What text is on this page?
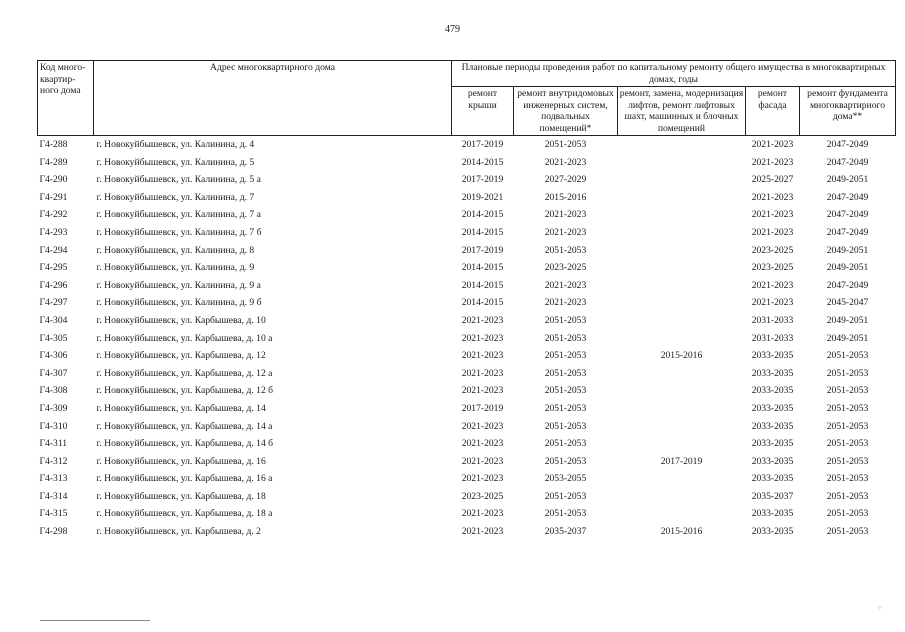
479
Код много-квартир-ного дома	Адрес многоквартирного дома	Плановые периоды проведения работ по капитальному ремонту общего имущества в многоквартирных домах, годы				
		ремонт крыши	ремонт внутридомовых инженерных систем, подвальных помещений*	ремонт, замена, модернизация лифтов, ремонт лифтовых шахт, машинных и блочных помещений	ремонт фасада	ремонт фундамента многоквартирного дома**
Г4-288	г. Новокуйбышевск, ул. Калинина, д. 4	2017-2019	2051-2053		2021-2023	2047-2049
Г4-289	г. Новокуйбышевск, ул. Калинина, д. 5	2014-2015	2021-2023		2021-2023	2047-2049
Г4-290	г. Новокуйбышевск, ул. Калинина, д. 5 а	2017-2019	2027-2029		2025-2027	2049-2051
Г4-291	г. Новокуйбышевск, ул. Калинина, д. 7	2019-2021	2015-2016		2021-2023	2047-2049
Г4-292	г. Новокуйбышевск, ул. Калинина, д. 7 а	2014-2015	2021-2023		2021-2023	2047-2049
Г4-293	г. Новокуйбышевск, ул. Калинина, д. 7 б	2014-2015	2021-2023		2021-2023	2047-2049
Г4-294	г. Новокуйбышевск, ул. Калинина, д. 8	2017-2019	2051-2053		2023-2025	2049-2051
Г4-295	г. Новокуйбышевск, ул. Калинина, д. 9	2014-2015	2023-2025		2023-2025	2049-2051
Г4-296	г. Новокуйбышевск, ул. Калинина, д. 9 а	2014-2015	2021-2023		2021-2023	2047-2049
Г4-297	г. Новокуйбышевск, ул. Калинина, д. 9 б	2014-2015	2021-2023		2021-2023	2045-2047
Г4-304	г. Новокуйбышевск, ул. Карбышева, д. 10	2021-2023	2051-2053		2031-2033	2049-2051
Г4-305	г. Новокуйбышевск, ул. Карбышева, д. 10 а	2021-2023	2051-2053		2031-2033	2049-2051
Г4-306	г. Новокуйбышевск, ул. Карбышева, д. 12	2021-2023	2051-2053	2015-2016	2033-2035	2051-2053
Г4-307	г. Новокуйбышевск, ул. Карбышева, д. 12 а	2021-2023	2051-2053		2033-2035	2051-2053
Г4-308	г. Новокуйбышевск, ул. Карбышева, д. 12 б	2021-2023	2051-2053		2033-2035	2051-2053
Г4-309	г. Новокуйбышевск, ул. Карбышева, д. 14	2017-2019	2051-2053		2033-2035	2051-2053
Г4-310	г. Новокуйбышевск, ул. Карбышева, д. 14 а	2021-2023	2051-2053		2033-2035	2051-2053
Г4-311	г. Новокуйбышевск, ул. Карбышева, д. 14 б	2021-2023	2051-2053		2033-2035	2051-2053
Г4-312	г. Новокуйбышевск, ул. Карбышева, д. 16	2021-2023	2051-2053	2017-2019	2033-2035	2051-2053
Г4-313	г. Новокуйбышевск, ул. Карбышева, д. 16 а	2021-2023	2053-2055		2033-2035	2051-2053
Г4-314	г. Новокуйбышевск, ул. Карбышева, д. 18	2023-2025	2051-2053		2035-2037	2051-2053
Г4-315	г. Новокуйбышевск, ул. Карбышева, д. 18 а	2021-2023	2051-2053		2033-2035	2051-2053
Г4-298	г. Новокуйбышевск, ул. Карбышева, д. 2	2021-2023	2035-2037	2015-2016	2033-2035	2051-2053
⁘
